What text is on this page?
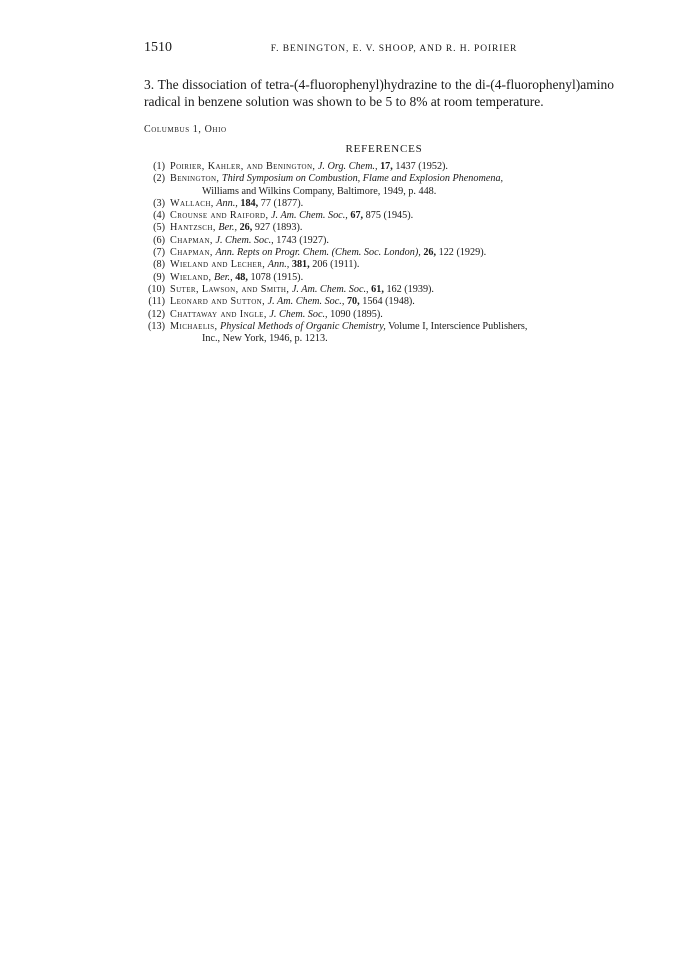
1510	F. BENINGTON, E. V. SHOOP, AND R. H. POIRIER

3. The dissociation of tetra-(4-fluorophenyl)hydrazine to the di-(4-fluorophenyl)amino radical in benzene solution was shown to be 5 to 8% at room temperature.

Columbus 1, Ohio
REFERENCES
(1) Poirier, Kahler, and Benington, J. Org. Chem., 17, 1437 (1952).
(2) Benington, Third Symposium on Combustion, Flame and Explosion Phenomena,
Williams and Wilkins Company, Baltimore, 1949, p. 448.
(3) Wallach, Ann., 184, 77 (1877).
(4) Crounse and Raiford, J. Am. Chem. Soc., 67, 875 (1945).
(5) Hantzsch, Ber., 26, 927 (1893).
(6) Chapman, J. Chem. Soc., 1743 (1927).
(7) Chapman, Ann. Repts on Progr. Chem. (Chem. Soc. London), 26, 122 (1929).
(8) Wieland and Lecher, Ann., 381, 206 (1911).
(9) Wieland, Ber., 48, 1078 (1915).
(10) Suter, Lawson, and Smith, J. Am. Chem. Soc., 61, 162 (1939).
(11) Leonard and Sutton, J. Am. Chem. Soc., 70, 1564 (1948).
(12) Chattaway and Ingle, J. Chem. Soc., 1090 (1895).
(13) Michaelis, Physical Methods of Organic Chemistry, Volume I, Interscience Publishers,
Inc., New York, 1946, p. 1213.
